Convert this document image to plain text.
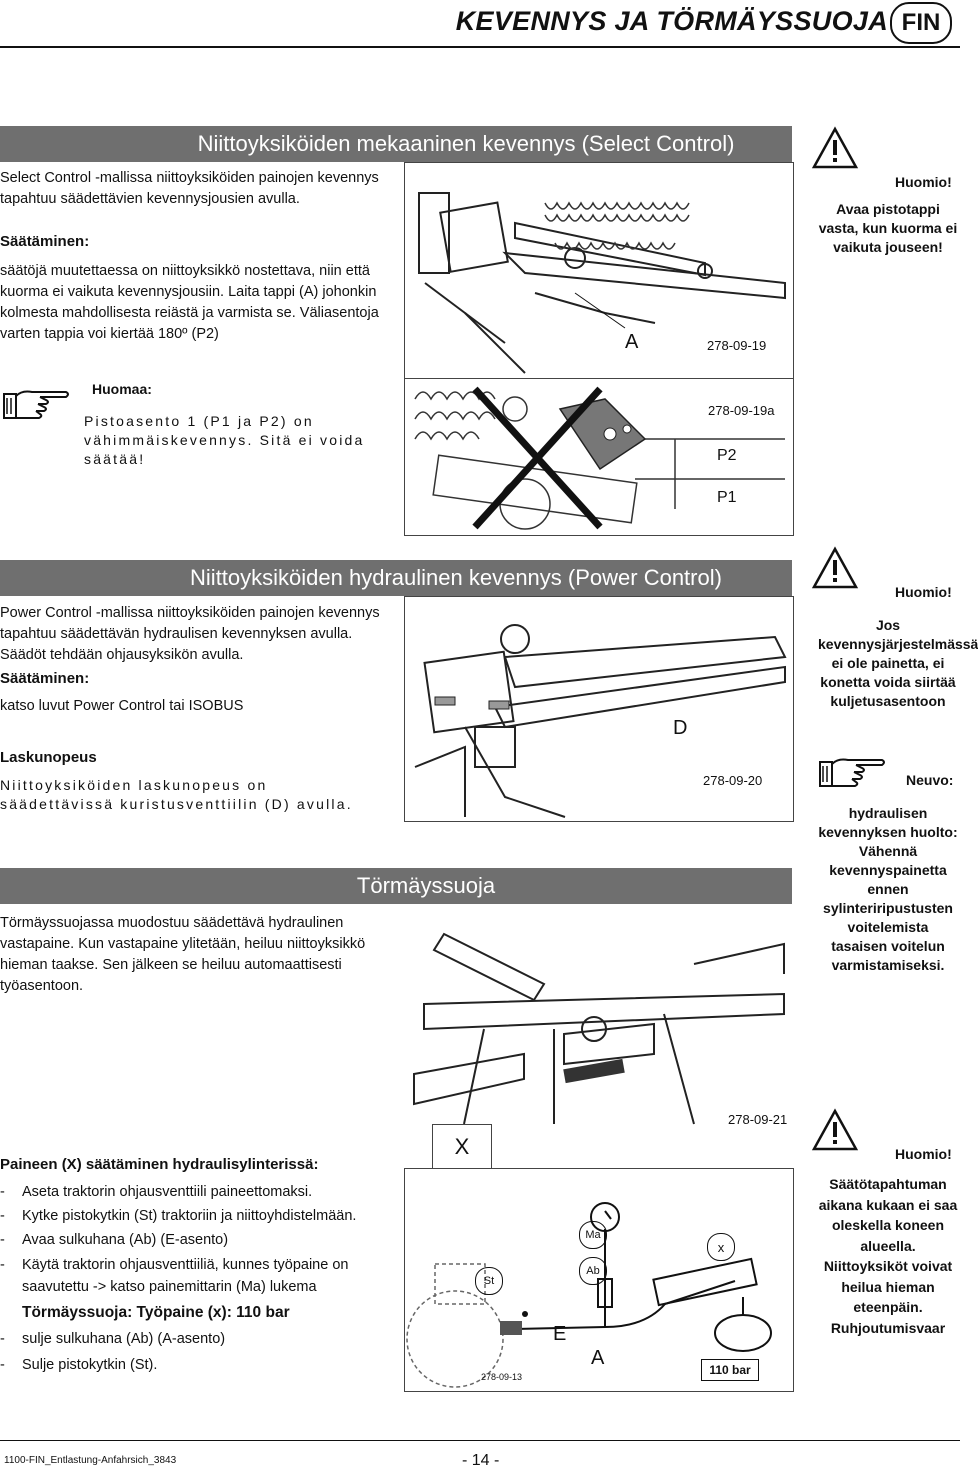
KEVENNYS JA TÖRMÄYSSUOJA FIN
Niittoyksiköiden mekaaninen kevennys (Select Control)
Select Control -mallissa niittoyksiköiden painojen kevennys tapahtuu säädettävien kevennysjousien avulla.
Säätäminen:
säätöjä muutettaessa on niittoyksikkö nostettava, niin että kuorma ei vaikuta kevennysjousiin. Laita tappi (A) johonkin kolmesta mahdollisesta reiästä ja varmista se. Väliasentoja varten tappia voi kiertää 180º (P2)
Huomaa:
Pistoasento 1 (P1 ja P2) on vähimmäiskevennys. Sitä ei voida säätää!
A	278-09-19
278-09-19a
P2
P1
Huomio!
Avaa pistotappi vasta, kun kuorma ei vaikuta jouseen!
Niittoyksiköiden hydraulinen kevennys (Power Control)
Power Control -mallissa niittoyksiköiden painojen kevennys tapahtuu säädettävän hydraulisen kevennyksen avulla. Säädöt tehdään ohjausyksikön avulla.
Säätäminen:
katso luvut Power Control tai ISOBUS
Laskunopeus
Niittoyksiköiden laskunopeus on säädettävissä kuristusventtiilin (D) avulla.
D
278-09-20
Huomio!
Jos kevennysjärjestelmässä ei ole painetta, ei konetta voida siirtää kuljetusasentoon
Neuvo:
hydraulisen kevennyksen huolto: Vähennä kevennyspainetta ennen sylinteriripustusten voitelemista tasaisen voitelun varmistamiseksi.
Törmäyssuoja
Törmäyssuojassa muodostuu säädettävä hydraulinen vastapaine. Kun vastapaine ylitetään, heiluu niittoyksikkö hieman taakse. Sen jälkeen se heiluu automaattisesti työasentoon.
278-09-21
X
Paineen (X) säätäminen hydraulisylinterissä:
-	Aseta traktorin ohjausventtiili paineettomaksi.
-	Kytke pistokytkin (St) traktoriin ja niittoyhdistelmään.
-	Avaa sulkuhana (Ab) (E-asento)
-	Käytä traktorin ohjausventtiiliä, kunnes työpaine on saavutettu -> katso painemittarin (Ma) lukema
Törmäyssuoja: Työpaine (x): 110 bar
-	sulje sulkuhana (Ab) (A-asento)
-	Sulje pistokytkin (St).
Ma
St
Ab
x
E
A
110 bar
278-09-13
Huomio!
Säätötapahtuman aikana kukaan ei saa oleskella koneen alueella. Niittoyksiköt voivat heilua hieman eteenpäin. Ruhjoutumisvaar
1100-FIN_Entlastung-Anfahrsich_3843	- 14 -
